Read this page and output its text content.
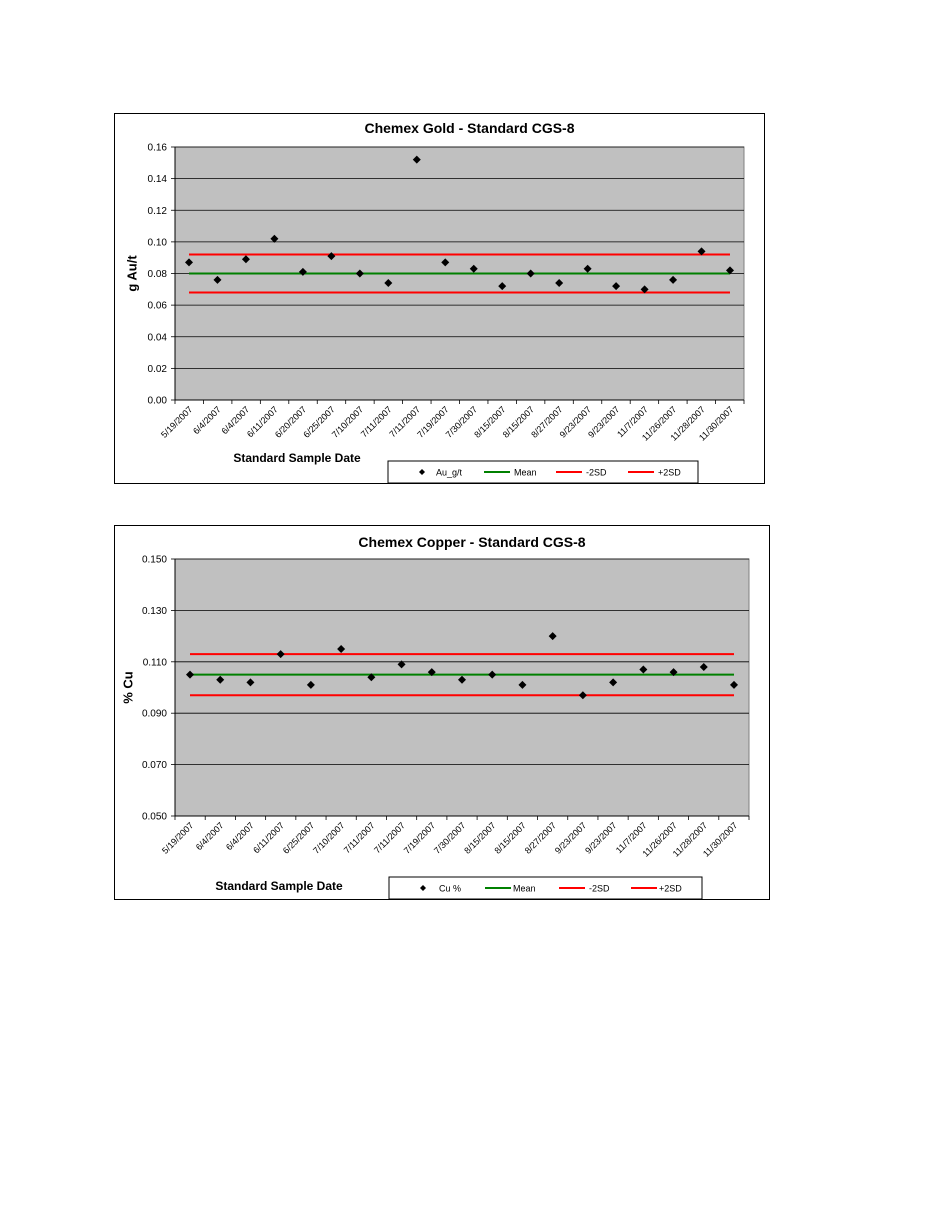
Chemex Gold - Standard CGS-8
0.00
0.02
0.04
0.06
0.08
0.10
0.12
0.14
0.16
g Au/t
5/19/2007
6/4/2007
6/4/2007
6/11/2007
6/20/2007
6/25/2007
7/10/2007
7/11/2007
7/11/2007
7/19/2007
7/30/2007
8/15/2007
8/15/2007
8/27/2007
9/23/2007
9/23/2007
11/7/2007
11/26/2007
11/28/2007
11/30/2007
Standard Sample Date
Au_g/t	Mean	-2SD	+2SD
Chemex Copper - Standard CGS-8
0.050
0.070
0.090
0.110
0.130
0.150
% Cu
5/19/2007
6/4/2007
6/4/2007
6/11/2007
6/25/2007
7/10/2007
7/11/2007
7/11/2007
7/19/2007
7/30/2007
8/15/2007
8/15/2007
8/27/2007
9/23/2007
9/23/2007
11/7/2007
11/26/2007
11/28/2007
11/30/2007
Standard Sample Date	Cu %	Mean	-2SD	+2SD
